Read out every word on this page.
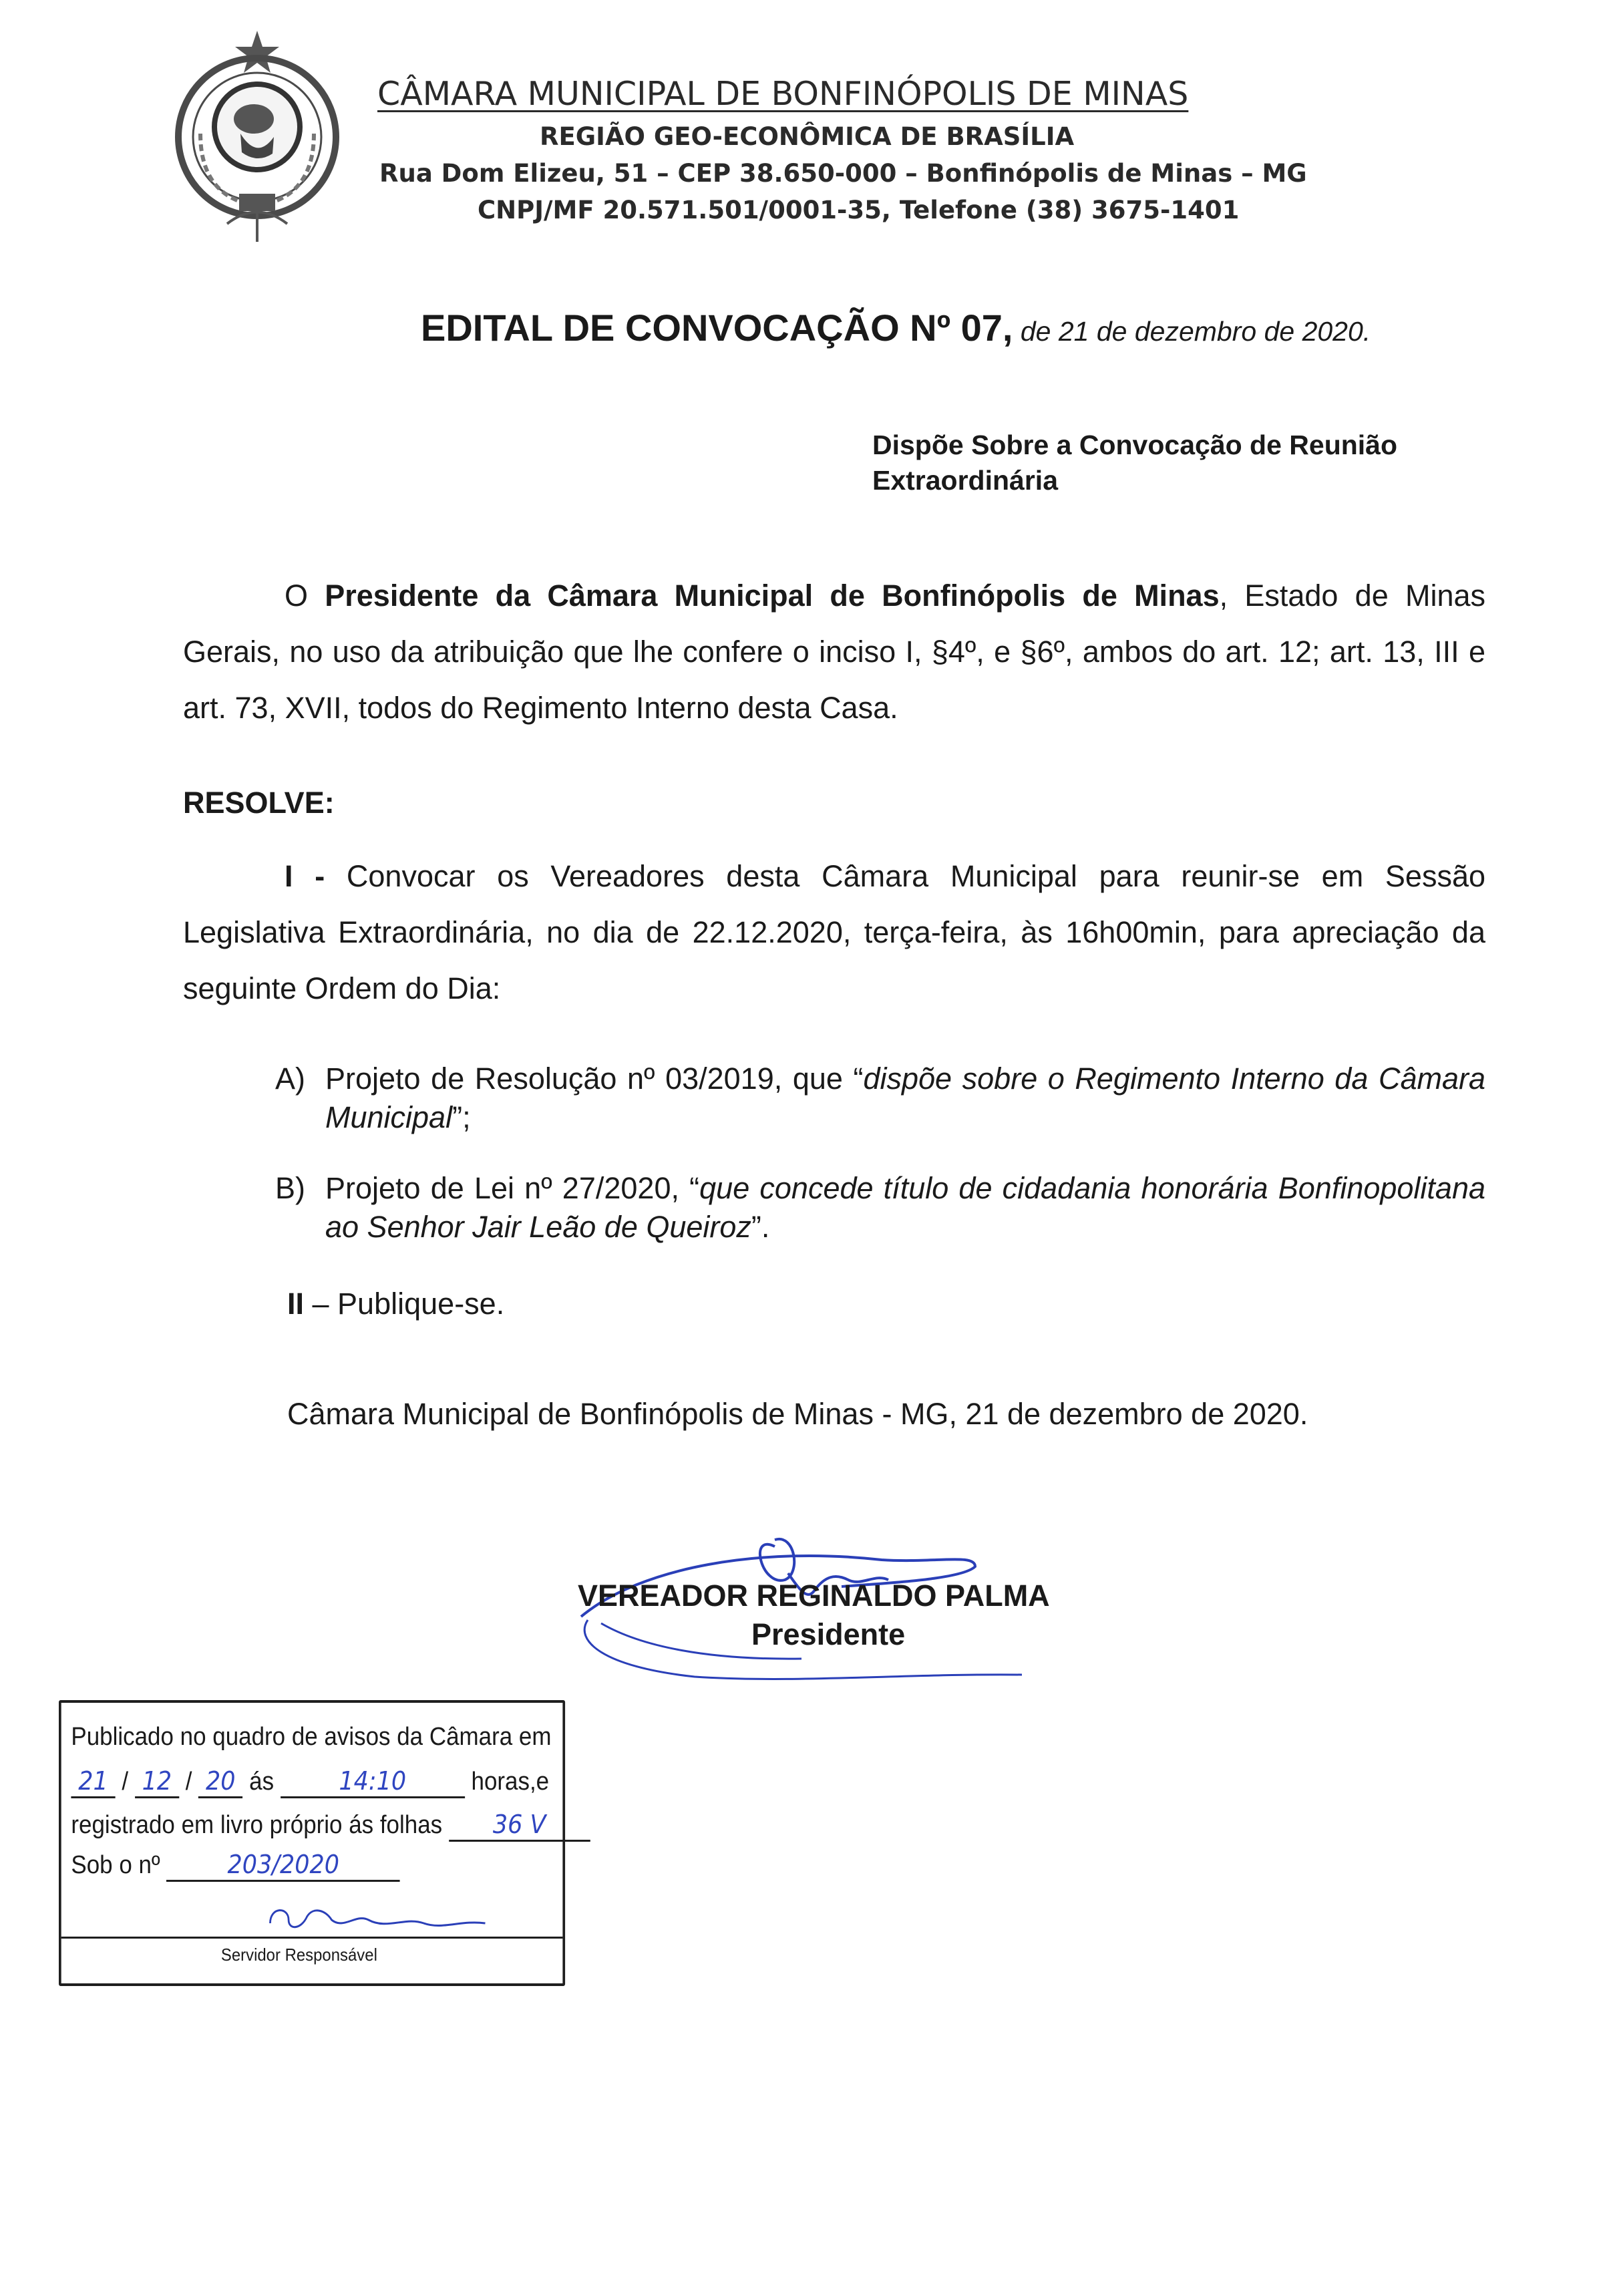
CÂMARA MUNICIPAL DE BONFINÓPOLIS DE MINAS
REGIÃO GEO-ECONÔMICA DE BRASÍLIA
Rua Dom Elizeu, 51 – CEP 38.650-000 – Bonfinópolis de Minas – MG
CNPJ/MF 20.571.501/0001-35, Telefone (38) 3675-1401
EDITAL DE CONVOCAÇÃO Nº 07, de 21 de dezembro de 2020.
Dispõe Sobre a Convocação de Reunião Extraordinária
O Presidente da Câmara Municipal de Bonfinópolis de Minas, Estado de Minas Gerais, no uso da atribuição que lhe confere o inciso I, §4º, e §6º, ambos do art. 12; art. 13, III e art. 73, XVII, todos do Regimento Interno desta Casa.
RESOLVE:
I - Convocar os Vereadores desta Câmara Municipal para reunir-se em Sessão Legislativa Extraordinária, no dia de 22.12.2020, terça-feira, às 16h00min, para apreciação da seguinte Ordem do Dia:
A) Projeto de Resolução nº 03/2019, que “dispõe sobre o Regimento Interno da Câmara Municipal”;
B) Projeto de Lei nº 27/2020, “que concede título de cidadania honorária Bonfinopolitana ao Senhor Jair Leão de Queiroz”.
II – Publique-se.
Câmara Municipal de Bonfinópolis de Minas - MG, 21 de dezembro de 2020.
VEREADOR REGINALDO PALMA
Presidente
Publicado no quadro de avisos da Câmara em
21 / 12 / 20 ás	14:10	horas,e
registrado em livro próprio ás folhas 36 V
Sob o nº	203/2020
Servidor Responsável
